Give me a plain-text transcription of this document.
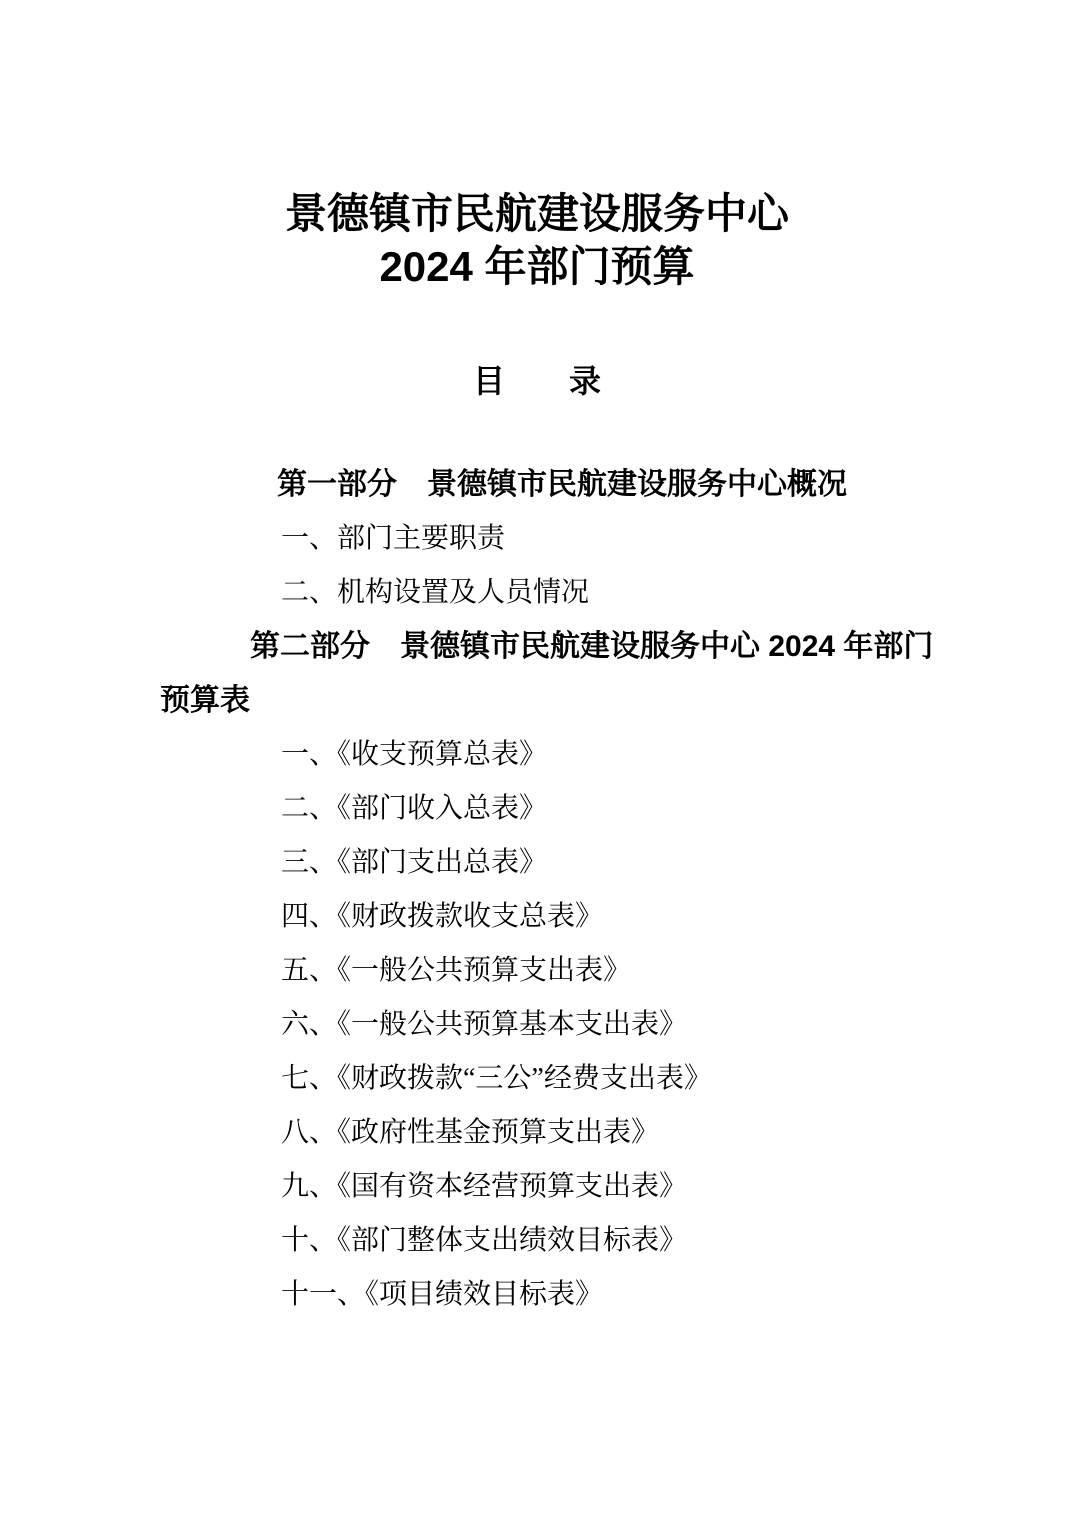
景德镇市民航建设服务中心
2024 年部门预算
目　　录
第一部分　景德镇市民航建设服务中心概况
一、部门主要职责
二、机构设置及人员情况
第二部分　景德镇市民航建设服务中心 2024 年部门
预算表
一、《收支预算总表》
二、《部门收入总表》
三、《部门支出总表》
四、《财政拨款收支总表》
五、《一般公共预算支出表》
六、《一般公共预算基本支出表》
七、《财政拨款“三公”经费支出表》
八、《政府性基金预算支出表》
九、《国有资本经营预算支出表》
十、《部门整体支出绩效目标表》
十一、《项目绩效目标表》
